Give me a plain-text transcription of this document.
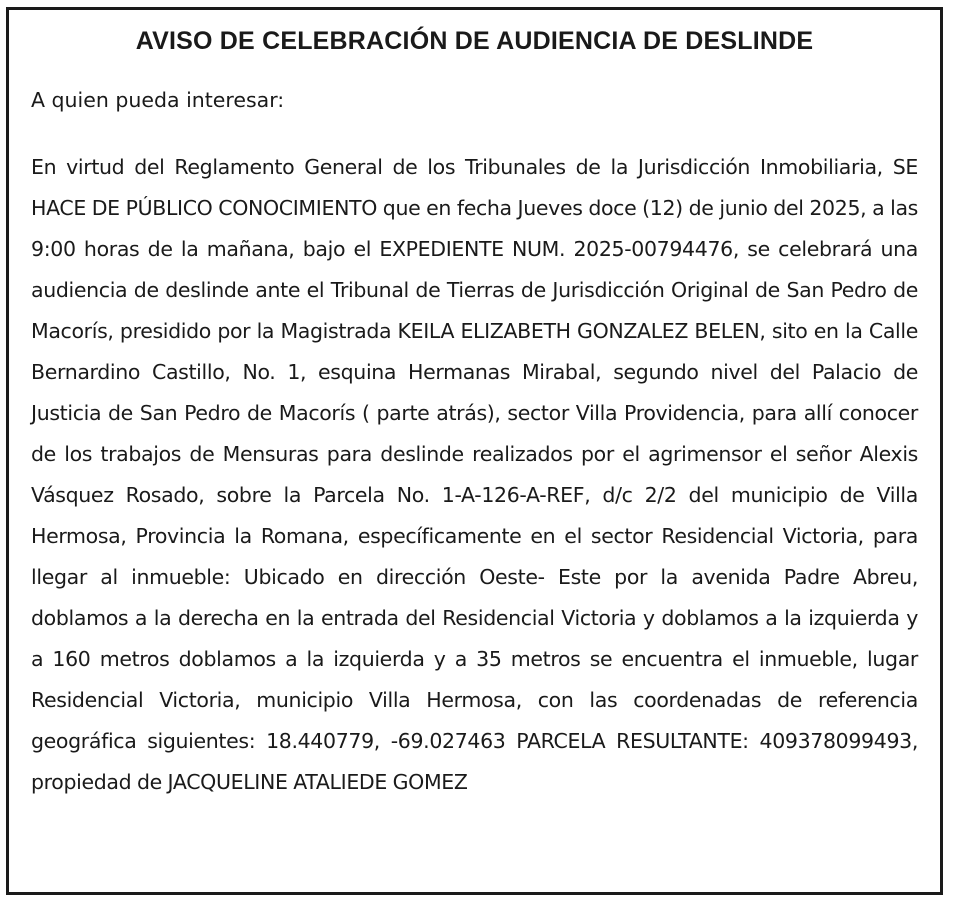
AVISO DE CELEBRACIÓN DE AUDIENCIA DE DESLINDE

A quien pueda interesar:

En virtud del Reglamento General de los Tribunales de la Jurisdicción Inmobiliaria, SE HACE DE PÚBLICO CONOCIMIENTO que en fecha Jueves doce (12) de junio del 2025, a las 9:00 horas de la mañana, bajo el EXPEDIENTE NUM. 2025-00794476, se celebrará una audiencia de deslinde ante el Tribunal de Tierras de Jurisdicción Original de San Pedro de Macorís, presidido por la Magistrada KEILA ELIZABETH GONZALEZ BELEN, sito en la Calle Bernardino Castillo, No. 1, esquina Hermanas Mirabal, segundo nivel del Palacio de Justicia de San Pedro de Macorís ( parte atrás), sector Villa Providencia, para allí conocer de los trabajos de Mensuras para deslinde realizados por el agrimensor el señor Alexis Vásquez Rosado, sobre la Parcela No. 1-A-126-A-REF, d/c 2/2 del municipio de Villa Hermosa, Provincia la Romana, específicamente en el sector Residencial Victoria, para llegar al inmueble: Ubicado en dirección Oeste- Este por la avenida Padre Abreu, doblamos a la derecha en la entrada del Residencial Victoria y doblamos a la izquierda y a 160 metros doblamos a la izquierda y a 35 metros se encuentra el inmueble, lugar Residencial Victoria, municipio Villa Hermosa, con las coordenadas de referencia geográfica siguientes: 18.440779, -69.027463 PARCELA RESULTANTE: 409378099493, propiedad de JACQUELINE ATALIEDE GOMEZ
